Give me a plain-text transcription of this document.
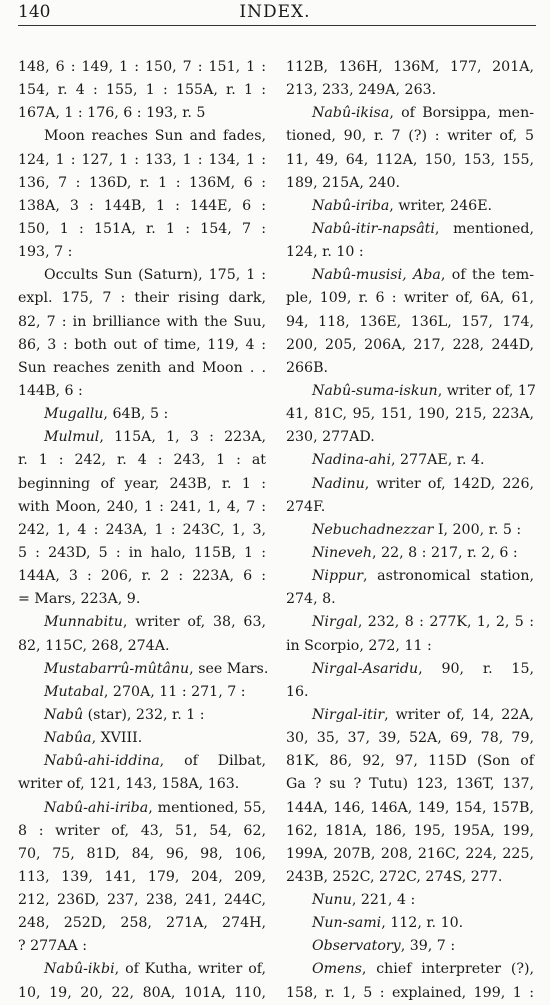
140	INDEX.
148, 6 : 149, 1 : 150, 7 : 151, 1 :
154, r. 4 : 155, 1 : 155A, r. 1 :
167A, 1 : 176, 6 : 193, r. 5
Moon reaches Sun and fades,
124, 1 : 127, 1 : 133, 1 : 134, 1 :
136, 7 : 136D, r. 1 : 136M, 6 :
138A, 3 : 144B, 1 : 144E, 6 :
150, 1 : 151A, r. 1 : 154, 7 :
193, 7 :
Occults Sun (Saturn), 175, 1 :
expl. 175, 7 : their rising dark,
82, 7 : in brilliance with the Suu,
86, 3 : both out of time, 119, 4 :
Sun reaches zenith and Moon . .
144B, 6 :
Mugallu, 64B, 5 :
Mulmul, 115A, 1, 3 : 223A,
r. 1 : 242, r. 4 : 243, 1 : at
beginning of year, 243B, r. 1 :
with Moon, 240, 1 : 241, 1, 4, 7 :
242, 1, 4 : 243A, 1 : 243C, 1, 3,
5 : 243D, 5 : in halo, 115B, 1 :
144A, 3 : 206, r. 2 : 223A, 6 :
= Mars, 223A, 9.
Munnabitu, writer of, 38, 63,
82, 115C, 268, 274A.
Mustabarrû-mûtânu, see Mars.
Mutabal, 270A, 11 : 271, 7 :
Nabû (star), 232, r. 1 :
Nabûa, XVIII.
Nabû-ahi-iddina, of Dilbat,
writer of, 121, 143, 158A, 163.
Nabû-ahi-iriba, mentioned, 55,
8 : writer of, 43, 51, 54, 62,
70, 75, 81D, 84, 96, 98, 106,
113, 139, 141, 179, 204, 209,
212, 236D, 237, 238, 241, 244C,
248, 252D, 258, 271A, 274H,
? 277AA :
Nabû-ikbi, of Kutha, writer of,
10, 19, 20, 22, 80A, 101A, 110,
112B, 136H, 136M, 177, 201A,
213, 233, 249A, 263.
Nabû-ikisa, of Borsippa, men-
tioned, 90, r. 7 (?) : writer of, 5
11, 49, 64, 112A, 150, 153, 155,
189, 215A, 240.
Nabû-iriba, writer, 246E.
Nabû-itir-napsâti, mentioned,
124, r. 10 :
Nabû-musisi, Aba, of the tem-
ple, 109, r. 6 : writer of, 6A, 61,
94, 118, 136E, 136L, 157, 174,
200, 205, 206A, 217, 228, 244D,
266B.
Nabû-suma-iskun, writer of, 17
41, 81C, 95, 151, 190, 215, 223A,
230, 277AD.
Nadina-ahi, 277AE, r. 4.
Nadinu, writer of, 142D, 226,
274F.
Nebuchadnezzar I, 200, r. 5 :
Nineveh, 22, 8 : 217, r. 2, 6 :
Nippur, astronomical station,
274, 8.
Nirgal, 232, 8 : 277K, 1, 2, 5 :
in Scorpio, 272, 11 :
Nirgal-Asaridu, 90, r. 15,
16.
Nirgal-itir, writer of, 14, 22A,
30, 35, 37, 39, 52A, 69, 78, 79,
81K, 86, 92, 97, 115D (Son of
Ga ? su ? Tutu) 123, 136T, 137,
144A, 146, 146A, 149, 154, 157B,
162, 181A, 186, 195, 195A, 199,
199A, 207B, 208, 216C, 224, 225,
243B, 252C, 272C, 274S, 277.
Nunu, 221, 4 :
Nun-sami, 112, r. 10.
Observatory, 39, 7 :
Omens, chief interpreter (?),
158, r. 1, 5 : explained, 199, 1 :
